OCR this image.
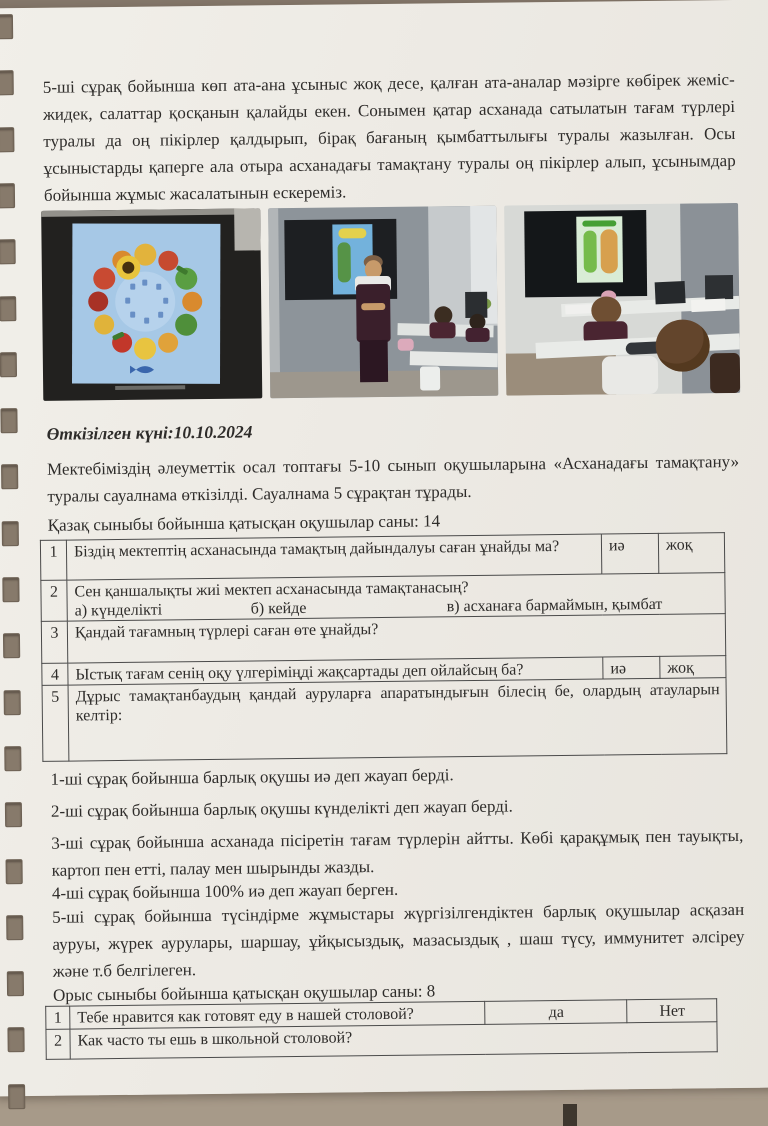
5-ші сұрақ бойынша көп ата-ана ұсыныс жоқ десе, қалған ата-аналар мәзірге көбірек жеміс-жидек, салаттар қосқанын қалайды екен. Сонымен қатар асханада сатылатын тағам түрлері туралы да оң пікірлер қалдырып, бірақ бағаның қымбаттылығы туралы жазылған. Осы ұсыныстарды қаперге ала отыра асханадағы тамақтану туралы оң пікірлер алып, ұсынымдар бойынша жұмыс жасалатынын ескереміз.
Өткізілген күні:10.10.2024
Мектебіміздің әлеуметтік осал топтағы 5-10 сынып оқушыларына «Асханадағы тамақтану» туралы сауалнама өткізілді. Сауалнама 5 сұрақтан тұрады.
Қазақ сыныбы бойынша қатысқан оқушылар саны: 14
1	Біздің мектептің асханасында тамақтың дайындалуы саған ұнайды ма?	иә	жоқ
2	Сен қаншалықты жиі мектеп асханасында тамақтанасың?
а) күнделікті б) кейде в) асханаға бармаймын, қымбат		

3	Қандай тағамның түрлері саған өте ұнайды?		
4	Ыстық тағам сенің оқу үлгеріміңді жақсартады деп ойлайсың ба?	иә	жоқ
5	Дұрыс тамақтанбаудың қандай ауруларға апаратындығын білесің бе, олардың атауларын келтір:		
1-ші сұрақ бойынша барлық оқушы иә деп жауап берді.
2-ші сұрақ бойынша барлық оқушы күнделікті деп жауап берді.
3-ші сұрақ бойынша асханада пісіретін тағам түрлерін айтты. Көбі қарақұмық пен тауықты, картоп пен етті, палау мен шырынды жазды.
4-ші сұрақ бойынша 100% иә деп жауап берген.
5-ші сұрақ бойынша түсіндірме жұмыстары жүргізілгендіктен барлық оқушылар асқазан ауруы, жүрек аурулары, шаршау, ұйқысыздық, мазасыздық , шаш түсу, иммунитет әлсіреу және т.б белгілеген.
Орыс сыныбы бойынша қатысқан оқушылар саны: 8
1	Тебе нравится как готовят еду в нашей столовой?	да	Нет
2	Как часто ты ешь в школьной столовой?		
